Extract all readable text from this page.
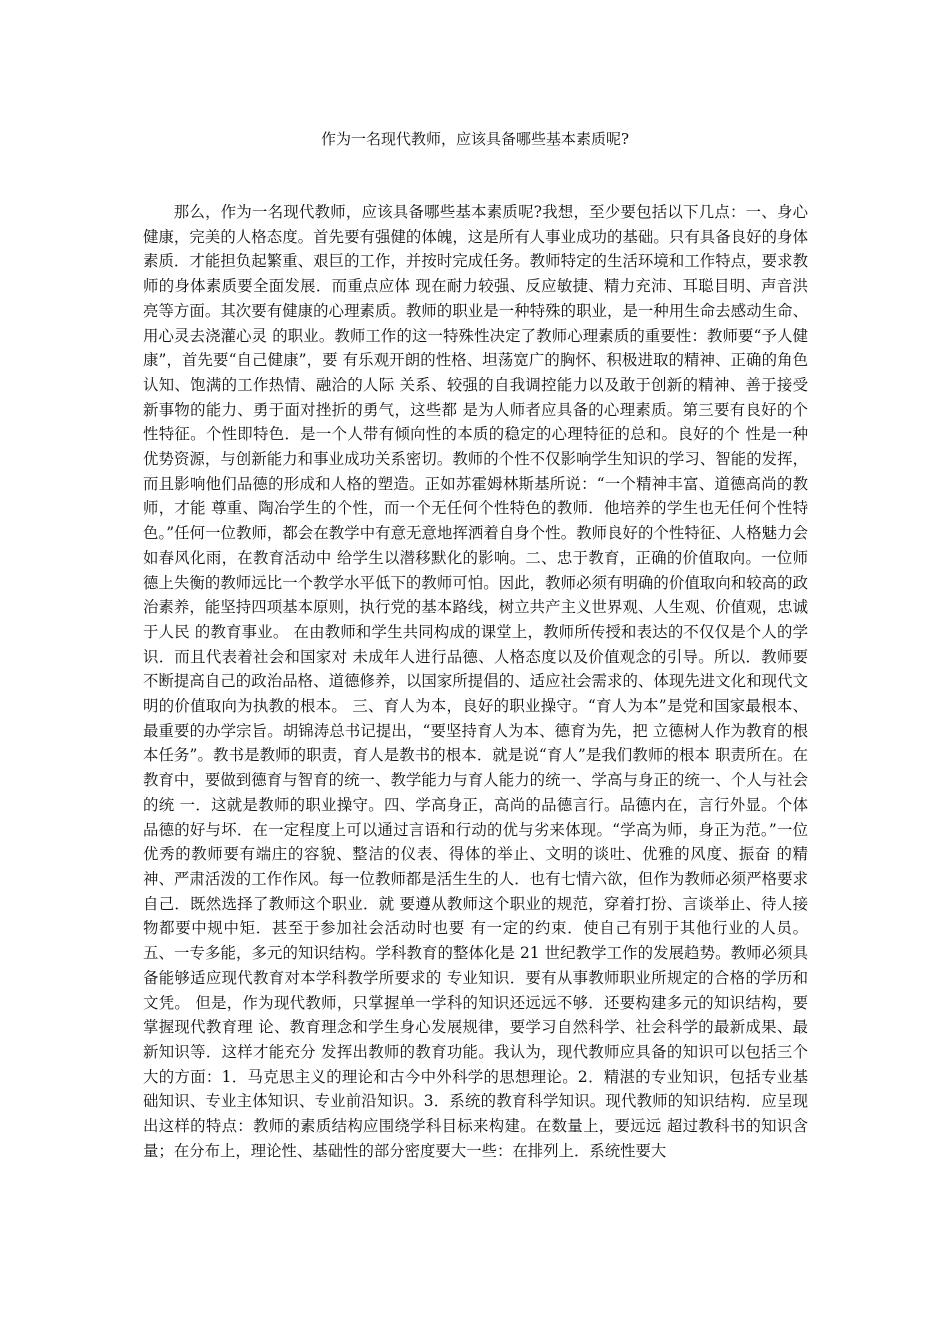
作为一名现代教师，应该具备哪些基本素质呢?

那么，作为一名现代教师，应该具备哪些基本素质呢?我想，至少要包括以下几点：一、身心健康，完美的人格态度。首先要有强健的体魄，这是所有人事业成功的基础。只有具备良好的身体素质．才能担负起繁重、艰巨的工作，并按时完成任务。教师特定的生活环境和工作特点，要求教师的身体素质要全面发展．而重点应体 现在耐力较强、反应敏捷、精力充沛、耳聪目明、声音洪亮等方面。其次要有健康的心理素质。教师的职业是一种特殊的职业，是一种用生命去感动生命、用心灵去浇灌心灵 的职业。教师工作的这一特殊性决定了教师心理素质的重要性：教师要“予人健康”，首先要“自己健康”，要 有乐观开朗的性格、坦荡宽广的胸怀、积极进取的精神、正确的角色认知、饱满的工作热情、融洽的人际 关系、较强的自我调控能力以及敢于创新的精神、善于接受新事物的能力、勇于面对挫折的勇气，这些都 是为人师者应具备的心理素质。第三要有良好的个性特征。个性即特色．是一个人带有倾向性的本质的稳定的心理特征的总和。良好的个 性是一种优势资源，与创新能力和事业成功关系密切。教师的个性不仅影响学生知识的学习、智能的发挥，而且影响他们品德的形成和人格的塑造。正如苏霍姆林斯基所说：“一个精神丰富、道德高尚的教师，才能 尊重、陶冶学生的个性，而一个无任何个性特色的教师．他培养的学生也无任何个性特色。”任何一位教师，都会在教学中有意无意地挥洒着自身个性。教师良好的个性特征、人格魅力会如春风化雨，在教育活动中 给学生以潜移默化的影响。二、忠于教育，正确的价值取向。一位师德上失衡的教师远比一个教学水平低下的教师可怕。因此，教师必须有明确的价值取向和较高的政 治素养，能坚持四项基本原则，执行党的基本路线，树立共产主义世界观、人生观、价值观，忠诚于人民 的教育事业。 在由教师和学生共同构成的课堂上，教师所传授和表达的不仅仅是个人的学识．而且代表着社会和国家对 未成年人进行品德、人格态度以及价值观念的引导。所以．教师要不断提高自己的政治品格、道德修养，以国家所提倡的、适应社会需求的、体现先进文化和现代文明的价值取向为执教的根本。 三、育人为本，良好的职业操守。“育人为本”是党和国家最根本、最重要的办学宗旨。胡锦涛总书记提出，“要坚持育人为本、德育为先，把 立德树人作为教育的根本任务”。教书是教师的职责，育人是教书的根本．就是说“育人”是我们教师的根本 职责所在。在教育中，要做到德育与智育的统一、教学能力与育人能力的统一、学高与身正的统一、个人与社会的统 一．这就是教师的职业操守。四、学高身正，高尚的品德言行。品德内在，言行外显。个体品德的好与坏．在一定程度上可以通过言语和行动的优与劣来体现。“学高为师，身正为范。”一位优秀的教师要有端庄的容貌、整洁的仪表、得体的举止、文明的谈吐、优雅的风度、振奋 的精神、严肃活泼的工作作风。每一位教师都是活生生的人．也有七情六欲，但作为教师必须严格要求自己．既然选择了教师这个职业．就 要遵从教师这个职业的规范，穿着打扮、言谈举止、待人接物都要中规中矩．甚至于参加社会活动时也要 有一定的约束．使自己有别于其他行业的人员。五、一专多能，多元的知识结构。学科教育的整体化是 21 世纪教学工作的发展趋势。教师必须具备能够适应现代教育对本学科教学所要求的 专业知识．要有从事教师职业所规定的合格的学历和文凭。 但是，作为现代教师，只掌握单一学科的知识还远远不够．还要构建多元的知识结构，要掌握现代教育理 论、教育理念和学生身心发展规律，要学习自然科学、社会科学的最新成果、最新知识等．这样才能充分 发挥出教师的教育功能。我认为，现代教师应具备的知识可以包括三个大的方面：1．马克思主义的理论和古今中外科学的思想理论。2．精湛的专业知识，包括专业基础知识、专业主体知识、专业前沿知识。3．系统的教育科学知识。现代教师的知识结构．应呈现出这样的特点：教师的素质结构应围绕学科目标来构建。在数量上，要远远 超过教科书的知识含量；在分布上，理论性、基础性的部分密度要大一些：在排列上．系统性要大
